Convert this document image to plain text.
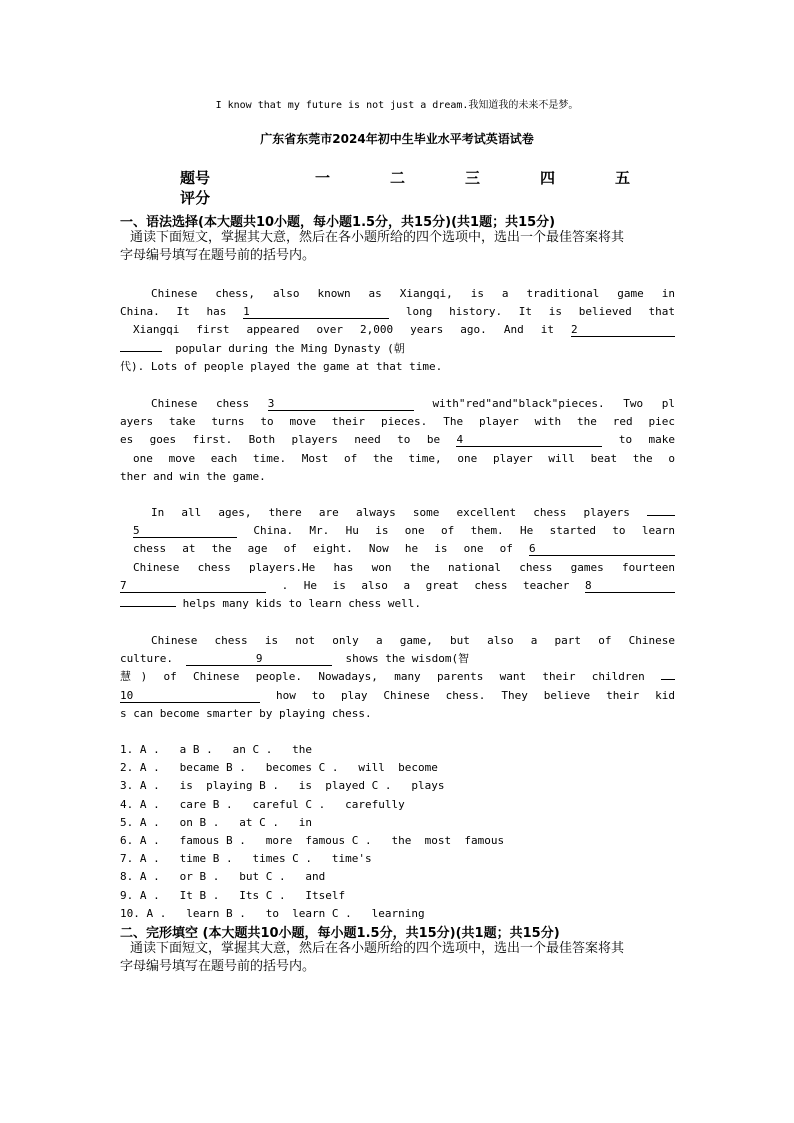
I know that my future is not just a dream.我知道我的未来不是梦。
广东省东莞市2024年初中生毕业水平考试英语试卷
题号	一	二	三	四	五
评分
一、语法选择(本大题共10小题，每小题1.5分，共15分)(共1题；共15分)
通读下面短文，掌握其大意，然后在各小题所给的四个选项中，选出一个最佳答案将其
字母编号填写在题号前的括号内。
Chinese chess, also known as Xiangqi, is a traditional game in
China. It has 1	long history. It is believed that
Xiangqi first appeared over 2,000 years ago. And it 2
popular during the Ming Dynasty (朝
代). Lots of people played the game at that time.
Chinese chess 3	with"red"and"black"pieces. Two pl
ayers take turns to move their pieces. The player with the red piec
es goes first. Both players need to be 4	to make
one move each time. Most of the time, one player will beat the o
ther and win the game.
In all ages, there are always some excellent chess players
5	China. Mr. Hu is one of them. He started to learn
chess at the age of eight. Now he is one of 6
Chinese chess players.He has won the national chess games fourteen
7	. He is also a great chess teacher 8
helps many kids to learn chess well.
Chinese chess is not only a game, but also a part of Chinese
culture.	9	shows the wisdom(智
慧) of Chinese people. Nowadays, many parents want their children
10	how to play Chinese chess. They believe their kid
s can become smarter by playing chess.
1. A .   a B .   an C .   the
2. A .   became B .   becomes C .   will  become
3. A .   is  playing B .   is  played C .   plays
4. A .   care B .   careful C .   carefully
5. A .   on B .   at C .   in
6. A .   famous B .   more  famous C .   the  most  famous
7. A .   time B .   times C .   time's
8. A .   or B .   but C .   and
9. A .   It B .   Its C .   Itself
10. A .   learn B .   to  learn C .   learning
二、完形填空 (本大题共10小题，每小题1.5分，共15分)(共1题；共15分)
通读下面短文，掌握其大意，然后在各小题所给的四个选项中，选出一个最佳答案将其
字母编号填写在题号前的括号内。
